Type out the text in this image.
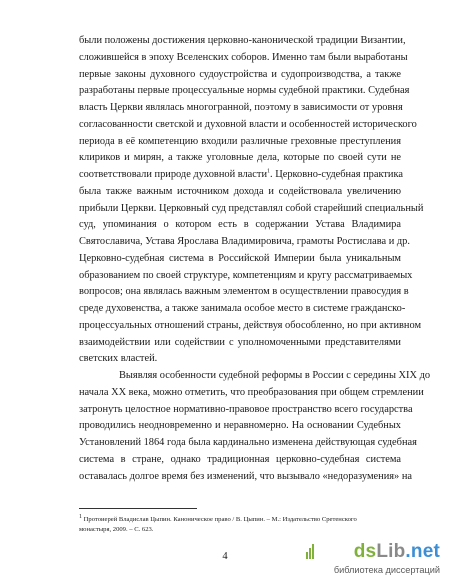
были положены достижения церковно-канонической традиции Византии,
сложившейся в эпоху Вселенских соборов. Именно там были выработаны
первые законы духовного судоустройства и судопроизводства, а также
разработаны первые процессуальные нормы судебной практики. Судебная
власть Церкви являлась многогранной, поэтому в зависимости от уровня
согласованности светской и духовной власти и особенностей исторического
периода в её компетенцию входили различные греховные преступления
клириков и мирян, а также уголовные дела, которые по своей сути не
соответствовали природе духовной власти$^1$. Церковно-судебная практика
была также важным источником дохода и содействовала увеличению
прибыли Церкви. Церковный суд представлял собой старейший специальный
суд, упоминания о котором есть в содержании Устава Владимира
Святославича, Устава Ярослава Владимировича, грамоты Ростислава и др.
Церковно-судебная система в Российской Империи была уникальным
образованием по своей структуре, компетенциям и кругу рассматриваемых
вопросов; она являлась важным элементом в осуществлении правосудия в
среде духовенства, а также занимала особое место в системе гражданско-
процессуальных отношений страны, действуя обособленно, но при активном
взаимодействии или содействии с уполномоченными представителями
светских властей.
Выявляя особенности судебной реформы в России с середины XIX до
начала XX века, можно отметить, что преобразования при общем стремлении
затронуть целостное нормативно-правовое пространство всего государства
проводились неодновременно и неравномерно. На основании Судебных
Установлений 1864 года была кардинально изменена действующая судебная
система в стране, однако традиционная церковно-судебная система
оставалась долгое время без изменений, что вызывало «недоразумения» на
$^1$ Протоиерей Владислав Цыпин. Каноническое право / В. Цыпин. – М.: Издательство Сретенского
монастыря, 2009. – С. 623.
4	dsLib.net
библиотека диссертаций
